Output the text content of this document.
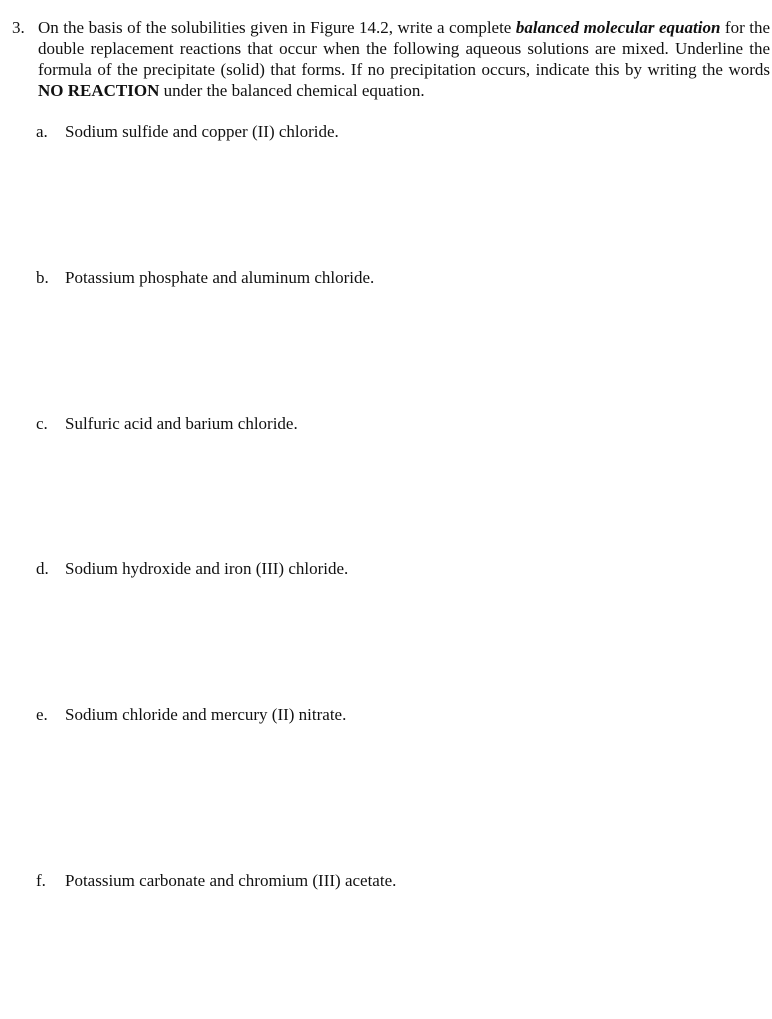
3. On the basis of the solubilities given in Figure 14.2, write a complete balanced molecular equation for the double replacement reactions that occur when the following aqueous solutions are mixed. Underline the formula of the precipitate (solid) that forms. If no precipitation occurs, indicate this by writing the words NO REACTION under the balanced chemical equation.
a. Sodium sulfide and copper (II) chloride.
b. Potassium phosphate and aluminum chloride.
c. Sulfuric acid and barium chloride.
d. Sodium hydroxide and iron (III) chloride.
e. Sodium chloride and mercury (II) nitrate.
f. Potassium carbonate and chromium (III) acetate.
